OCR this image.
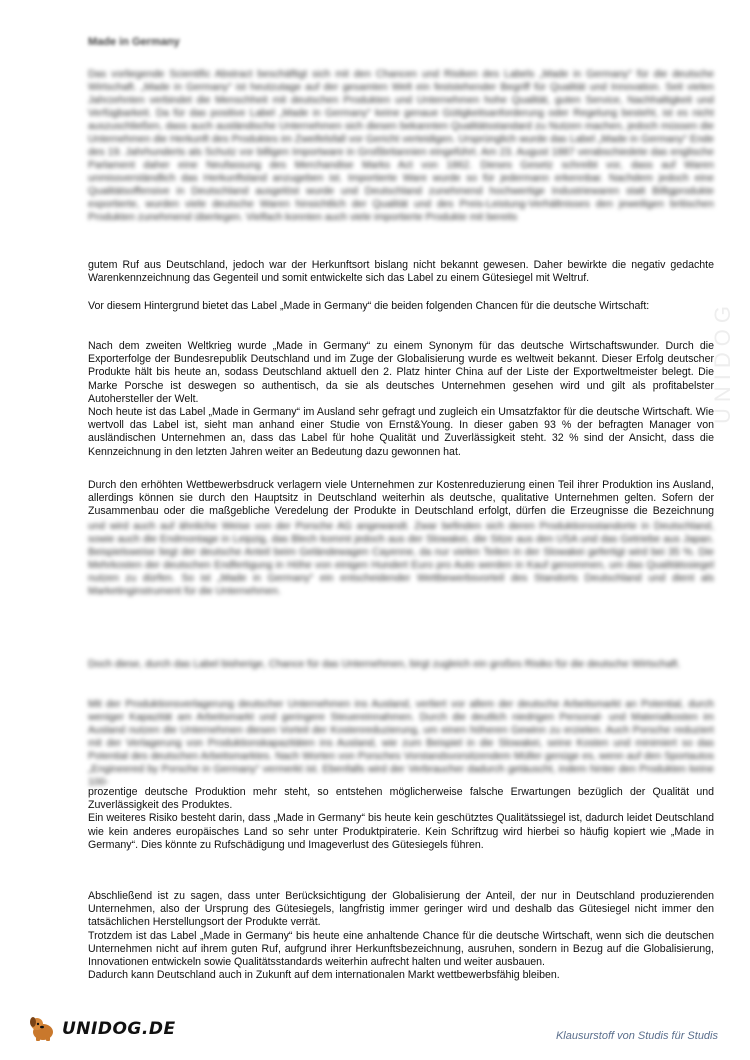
Made in Germany
Das vorliegende Scientific Abstract beschäftigt sich mit den Chancen und Risiken des Labels „Made in Germany“ für die deutsche Wirtschaft. „Made in Germany“ ist heutzutage auf der gesamten Welt ein feststehender Begriff für Qualität und Innovation. Seit vielen Jahrzehnten verbindet die Menschheit mit deutschen Produkten und Unternehmen hohe Qualität, guten Service, Nachhaltigkeit und Verfügbarkeit. Da für das positive Label „Made in Germany“ keine genaue Gütigkeitsanforderung oder Regelung besteht, ist es nicht auszuschließen, dass auch ausländische Unternehmen sich diesen bekannten Qualitätsstandard zu Nutzen machen, jedoch müssen die Unternehmen die Herkunft des Produktes im Zweifelsfall vor Gericht verteidigen. Ursprünglich wurde das Label „Made in Germany“ Ende des 19. Jahrhunderts als Schutz vor billigen Importware in Großbritannien eingeführt. Am 23. August 1887 verabschiedete das englische Parlament daher eine Neufassung des Merchandise Marks Act von 1862. Dieses Gesetz schreibt vor, dass auf Waren unmissverständlich das Herkunftsland anzugeben ist. Importierte Ware wurde so für jedermann erkennbar. Nachdem jedoch eine Qualitätsoffensive in Deutschland ausgelöst wurde und Deutschland zunehmend hochwertige Industriewaren statt Billigprodukte exportierte, wurden viele deutsche Waren hinsichtlich der Qualität und des Preis-Leistung-Verhältnisses den jeweiligen britischen Produkten zunehmend überlegen. Vielfach konnten auch viele importierte Produkte mit bereits

gutem Ruf aus Deutschland, jedoch war der Herkunftsort bislang nicht bekannt gewesen. Daher bewirkte die negativ gedachte Warenkennzeichnung das Gegenteil und somit entwickelte sich das Label zu einem Gütesiegel mit Weltruf.

Vor diesem Hintergrund bietet das Label „Made in Germany“ die beiden folgenden Chancen für die deutsche Wirtschaft:

Nach dem zweiten Weltkrieg wurde „Made in Germany“ zu einem Synonym für das deutsche Wirtschaftswunder. Durch die Exporterfolge der Bundesrepublik Deutschland und im Zuge der Globalisierung wurde es weltweit bekannt. Dieser Erfolg deutscher Produkte hält bis heute an, sodass Deutschland aktuell den 2. Platz hinter China auf der Liste der Exportweltmeister belegt. Die Marke Porsche ist deswegen so authentisch, da sie als deutsches Unternehmen gesehen wird und gilt als profitabelster Autohersteller der Welt.

Noch heute ist das Label „Made in Germany“ im Ausland sehr gefragt und zugleich ein Umsatzfaktor für die deutsche Wirtschaft. Wie wertvoll das Label ist, sieht man anhand einer Studie von Ernst&Young. In dieser gaben 93 % der befragten Manager von ausländischen Unternehmen an, dass das Label für hohe Qualität und Zuverlässigkeit steht. 32 % sind der Ansicht, dass die Kennzeichnung in den letzten Jahren weiter an Bedeutung dazu gewonnen hat.

Durch den erhöhten Wettbewerbsdruck verlagern viele Unternehmen zur Kostenreduzierung einen Teil ihrer Produktion ins Ausland, allerdings können sie durch den Hauptsitz in Deutschland weiterhin als deutsche, qualitative Unternehmen gelten. Sofern der Zusammenbau oder die maßgebliche Veredelung der Produkte in Deutschland erfolgt, dürfen die Erzeugnisse die Bezeichnung

und wird auch auf ähnliche Weise von der Porsche AG angewandt. Zwar befinden sich deren Produktionsstandorte in Deutschland, sowie auch die Endmontage in Leipzig, das Blech kommt jedoch aus der Slowakei, die Sitze aus den USA und das Getriebe aus Japan. Beispielsweise liegt der deutsche Anteil beim Geländewagen Cayenne, da nur vielen Teilen in der Slowakei gefertigt wird bei 35 %. Die Mehrkosten der deutschen Endfertigung in Höhe von einigen Hundert Euro pro Auto werden in Kauf genommen, um das Qualitätssiegel nutzen zu dürfen. So ist „Made in Germany“ ein entscheidender Wettbewerbsvorteil des Standorts Deutschland und dient als Marketinginstrument für die Unternehmen.
Doch diese, durch das Label bisherige, Chance für das Unternehmen, birgt zugleich ein großes Risiko für die deutsche Wirtschaft.
Mit der Produktionsverlagerung deutscher Unternehmen ins Ausland, verliert vor allem der deutsche Arbeitsmarkt an Potential, durch weniger Kapazität am Arbeitsmarkt und geringere Steuereinnahmen. Durch die deutlich niedrigen Personal- und Materialkosten im Ausland nutzen die Unternehmen diesen Vorteil der Kostenreduzierung, um einen höheren Gewinn zu erzielen. Auch Porsche reduziert mit der Verlagerung von Produktionskapazitäten ins Ausland, wie zum Beispiel in die Slowakei, seine Kosten und minimiert so das Potential des deutschen Arbeitsmarktes. Nach Worten von Porsches Vorstandsvorsitzendem Müller genüge es, wenn auf den Sportautos „Engineered by Porsche in Germany“ vermerkt ist. Ebenfalls wird der Verbraucher dadurch getäuscht, indem hinter den Produkten keine 100-

prozentige deutsche Produktion mehr steht, so entstehen möglicherweise falsche Erwartungen bezüglich der Qualität und Zuverlässigkeit des Produktes.

Ein weiteres Risiko besteht darin, dass „Made in Germany“ bis heute kein geschütztes Qualitätssiegel ist, dadurch leidet Deutschland wie kein anderes europäisches Land so sehr unter Produktpiraterie. Kein Schriftzug wird hierbei so häufig kopiert wie „Made in Germany“. Dies könnte zu Rufschädigung und Imageverlust des Gütesiegels führen.

Abschließend ist zu sagen, dass unter Berücksichtigung der Globalisierung der Anteil, der nur in Deutschland produzierenden Unternehmen, also der Ursprung des Gütesiegels, langfristig immer geringer wird und deshalb das Gütesiegel nicht immer den tatsächlichen Herstellungsort der Produkte verrät.

Trotzdem ist das Label „Made in Germany“ bis heute eine anhaltende Chance für die deutsche Wirtschaft, wenn sich die deutschen Unternehmen nicht auf ihrem guten Ruf, aufgrund ihrer Herkunftsbezeichnung, ausruhen, sondern in Bezug auf die Globalisierung, Innovationen entwickeln sowie Qualitätsstandards weiterhin aufrecht halten und weiter ausbauen.

Dadurch kann Deutschland auch in Zukunft auf dem internationalen Markt wettbewerbsfähig bleiben.

UNIDOG
UNIDOG.DE	Klausurstoff von Studis für Studis
